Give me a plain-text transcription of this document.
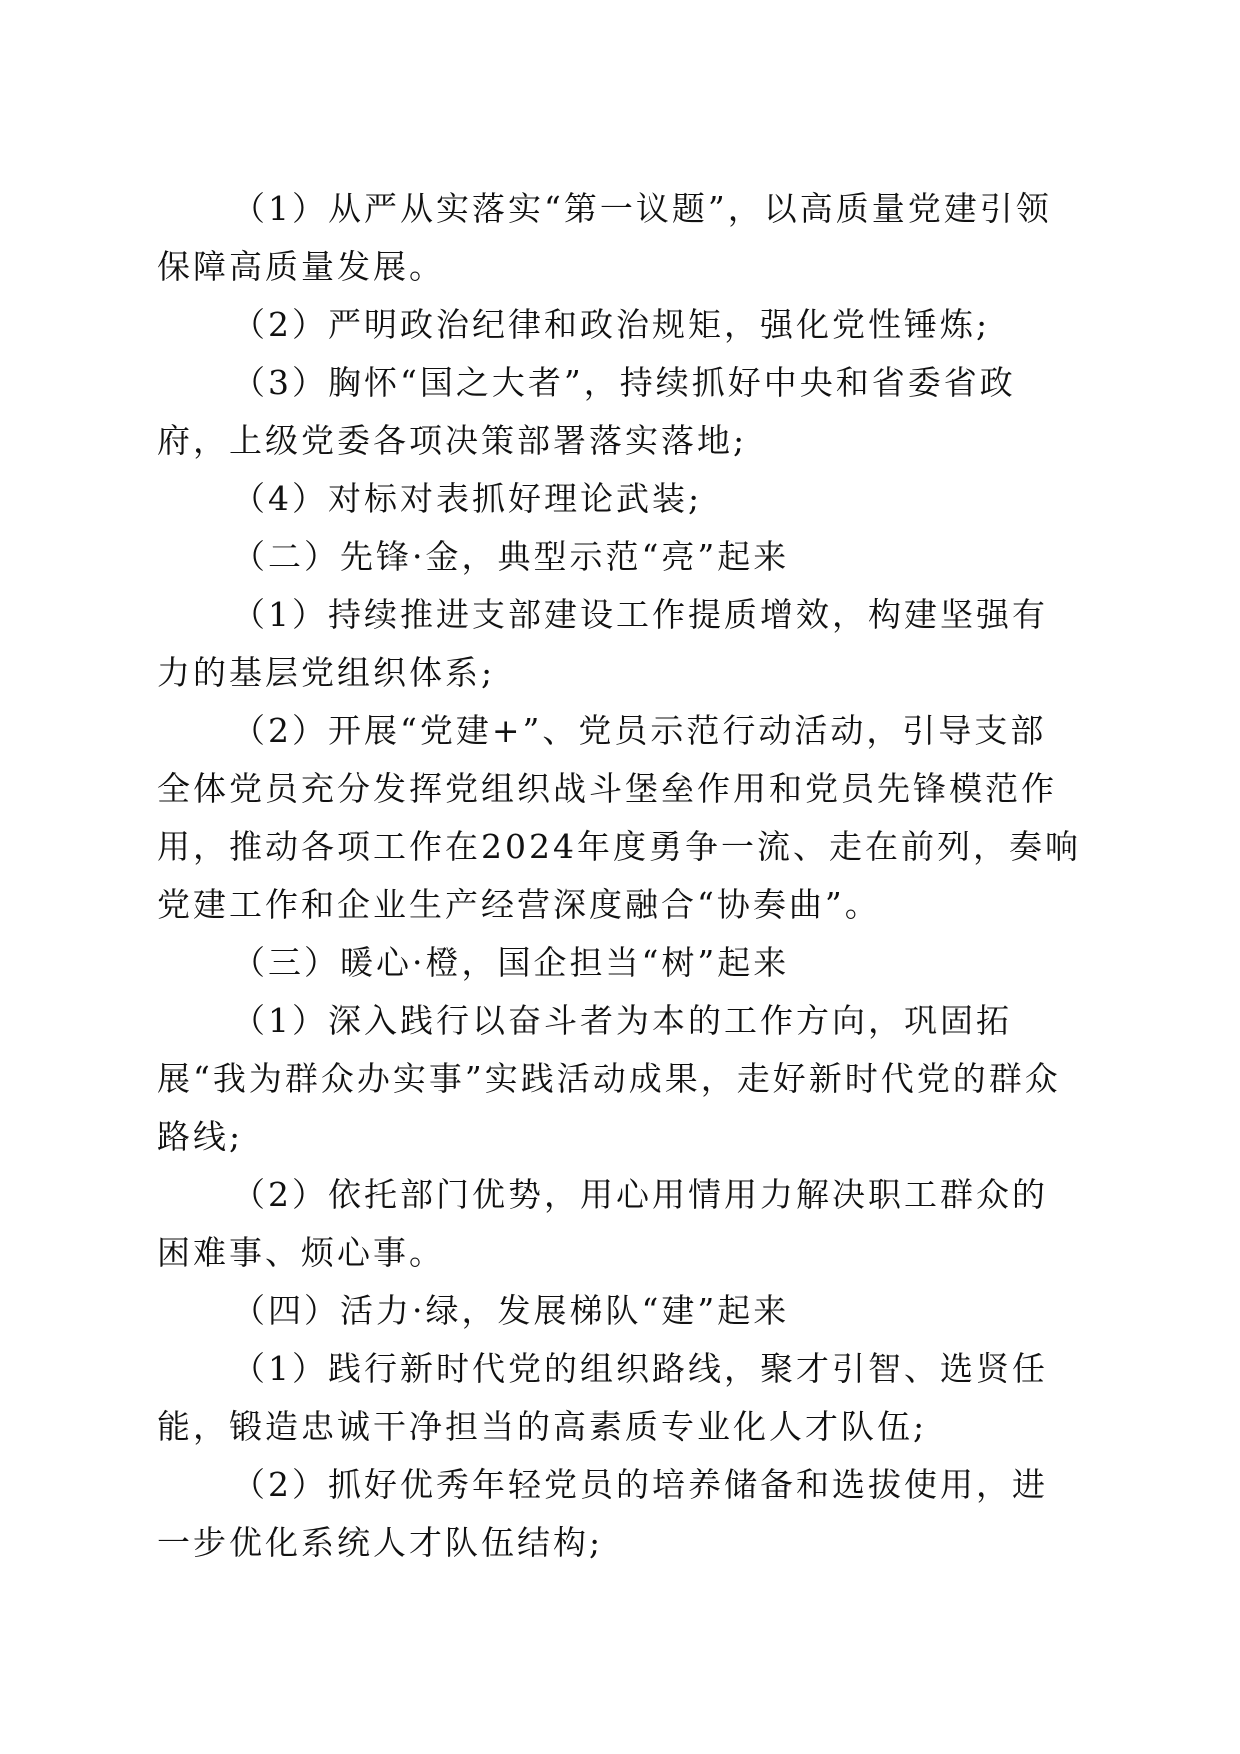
（1）从严从实落实“第一议题”，以高质量党建引领保障高质量发展。

（2）严明政治纪律和政治规矩，强化党性锤炼;

（3）胸怀“国之大者”，持续抓好中央和省委省政府，上级党委各项决策部署落实落地;

（4）对标对表抓好理论武装;

（二）先锋·金，典型示范“亮”起来

（1）持续推进支部建设工作提质增效，构建坚强有力的基层党组织体系;

（2）开展“党建+”、党员示范行动活动，引导支部全体党员充分发挥党组织战斗堡垒作用和党员先锋模范作用，推动各项工作在2024年度勇争一流、走在前列，奏响党建工作和企业生产经营深度融合“协奏曲”。

（三）暖心·橙，国企担当“树”起来

（1）深入践行以奋斗者为本的工作方向，巩固拓展“我为群众办实事”实践活动成果，走好新时代党的群众路线;

（2）依托部门优势，用心用情用力解决职工群众的困难事、烦心事。

（四）活力·绿，发展梯队“建”起来

（1）践行新时代党的组织路线，聚才引智、选贤任能，锻造忠诚干净担当的高素质专业化人才队伍;

（2）抓好优秀年轻党员的培养储备和选拔使用，进一步优化系统人才队伍结构;
